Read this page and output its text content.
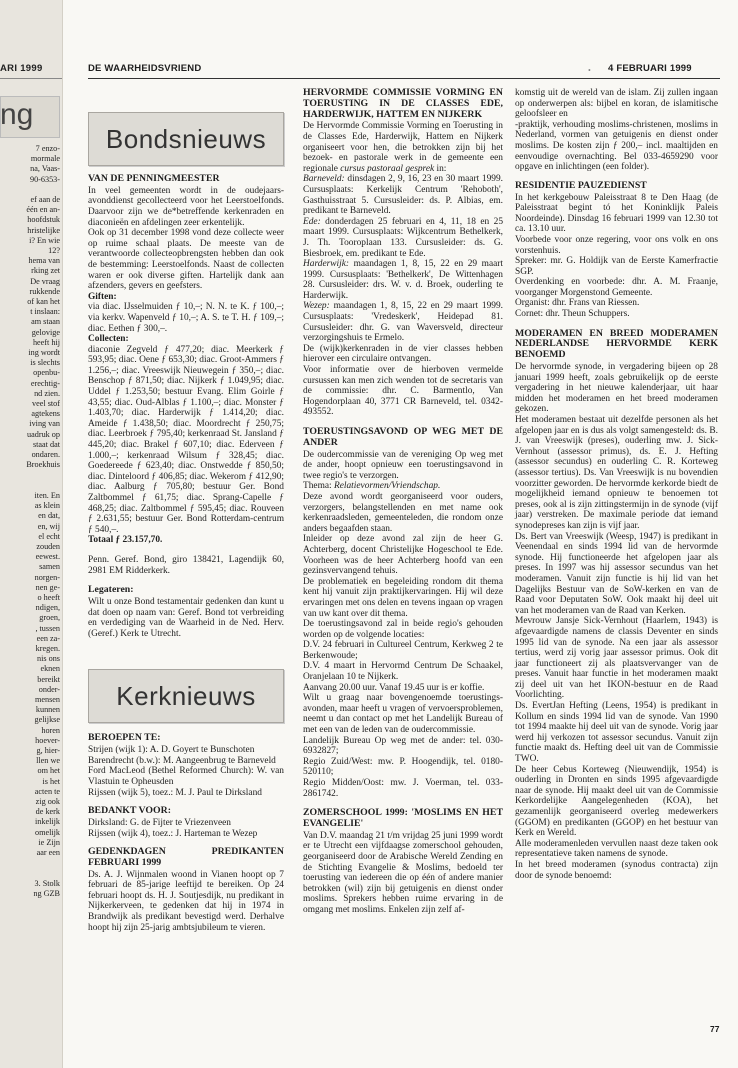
ARI 1999
ng
7 enzo-
mormale
na, Vaas-
90-6353-

ef aan de
één en an-
hoofdstuk
hristelijke
i? En wie
12?
hema van
rking zet
De vraag
rukkende
of kan het
t inslaan:
am staan
gelovige
heeft hij
ing wordt
is slechts
openbu-
erechtig-
nd zien.
veel stof
agtekens
iving van
uadruk op
staat dat
ondaren.
Broekhuis

iten. En
as klein
en dat,
en, wij
el echt
zouden
eewest.
samen
norgen-
nen ge-
o heeft
ndigen,
groen,
, tussen
een za-
kregen.
nis ons
eknen
bereikt
onder-
mensen
kunnen
gelijkse
horen
hoever-
g, hier-
llen we
om het
is het
acten te
zig ook
de kerk
inkelijk
omelijk
ie Zijn
aar een

3. Stolk
ng GZB
DE WAARHEIDSVRIEND	• 4 FEBRUARI 1999
Bondsnieuws
VAN DE PENNINGMEESTER

In veel gemeenten wordt in de oudejaarsavonddienst gecollecteerd voor het Leerstoelfonds. Daarvoor zijn we de*betreffende kerkenraden en diaconieën en afdelingen zeer erkentelijk.

Ook op 31 december 1998 vond deze collecte weer op ruime schaal plaats. De meeste van de verantwoorde collecteopbrengsten hebben dan ook de bestemming: Leerstoelfonds. Naast de collecten waren er ook diverse giften. Hartelijk dank aan afzenders, gevers en geefsters.

Giften:

via diac. IJsselmuiden ƒ 10,–; N. N. te K. ƒ 100,–; via kerkv. Wapenveld ƒ 10,–; A. S. te T. H. ƒ 109,–; diac. Eethen ƒ 300,–.

Collecten:

diaconie Zegveld ƒ 477,20; diac. Meerkerk ƒ 593,95; diac. Oene ƒ 653,30; diac. Groot-Ammers ƒ 1.256,–; diac. Vreeswijk Nieuwegein ƒ 350,–; diac. Benschop ƒ 871,50; diac. Nijkerk ƒ 1.049,95; diac. Uddel ƒ 1.253,50; bestuur Evang. Elim Goirle ƒ 43,55; diac. Oud-Alblas ƒ 1.100,–; diac. Monster ƒ 1.403,70; diac. Harderwijk ƒ 1.414,20; diac. Ameide ƒ 1.438,50; diac. Moordrecht ƒ 250,75; diac. Leerbroek ƒ 795,40; kerkenraad St. Jansland ƒ 445,20; diac. Brakel ƒ 607,10; diac. Ederveen ƒ 1.000,–; kerkenraad Wilsum ƒ 328,45; diac. Goedereede ƒ 623,40; diac. Onstwedde ƒ 850,50; diac. Dinteloord ƒ 406,85; diac. Wekerom ƒ 412,90; diac. Aalburg ƒ 705,80; bestuur Ger. Bond Zaltbommel ƒ 61,75; diac. Sprang-Capelle ƒ 468,25; diac. Zaltbommel ƒ 595,45; diac. Rouveen ƒ 2.631,55; bestuur Ger. Bond Rotterdam-centrum ƒ 540,–.

Totaal ƒ 23.157,70.

Penn. Geref. Bond, giro 138421, Lagendijk 60, 2981 EM Ridderkerk.

Legateren:

Wilt u onze Bond testamentair gedenken dan kunt u dat doen op naam van: Geref. Bond tot verbreiding en verdediging van de Waarheid in de Ned. Herv. (Geref.) Kerk te Utrecht.

Kerknieuws
BEROEPEN TE:

Strijen (wijk 1): A. D. Goyert te Bunschoten

Barendrecht (b.w.): M. Aangeenbrug te Barneveld

Ford MacLeod (Bethel Reformed Church): W. van Vlastuin te Opheusden

Rijssen (wijk 5), toez.: M. J. Paul te Dirksland

BEDANKT VOOR:

Dirksland: G. de Fijter te Vriezenveen

Rijssen (wijk 4), toez.: J. Harteman te Wezep

GEDENKDAGEN PREDIKANTEN FEBRUARI 1999

Ds. A. J. Wijnmalen woond in Vianen hoopt op 7 februari de 85-jarige leeftijd te bereiken. Op 24 februari hoopt ds. H. J. Soutjesdijk, nu predikant in Nijkerkerveen, te gedenken dat hij in 1974 in Brandwijk als predikant bevestigd werd. Derhalve hoopt hij zijn 25-jarig ambtsjubileum te vieren.

HERVORMDE COMMISSIE VORMING EN TOERUSTING IN DE CLASSES EDE, HARDERWIJK, HATTEM EN NIJKERK

De Hervormde Commissie Vorming en Toerusting in de Classes Ede, Harderwijk, Hattem en Nijkerk organiseert voor hen, die betrokken zijn bij het bezoek- en pastorale werk in de gemeente een regionale cursus pastoraal gesprek in:

Barneveld: dinsdagen 2, 9, 16, 23 en 30 maart 1999. Cursusplaats: Kerkelijk Centrum 'Rehoboth', Gasthuisstraat 5. Cursusleider: ds. P. Albias, em. predikant te Barneveld.

Ede: donderdagen 25 februari en 4, 11, 18 en 25 maart 1999. Cursusplaats: Wijkcentrum Bethelkerk, J. Th. Tooroplaan 133. Cursusleider: ds. G. Biesbroek, em. predikant te Ede.

Harderwijk: maandagen 1, 8, 15, 22 en 29 maart 1999. Cursusplaats: 'Bethelkerk', De Wittenhagen 28. Cursusleider: drs. W. v. d. Broek, ouderling te Harderwijk.

Wezep: maandagen 1, 8, 15, 22 en 29 maart 1999. Cursusplaats: 'Vredeskerk', Heidepad 81. Cursusleider: dhr. G. van Waversveld, directeur verzorgingshuis te Ermelo.

De (wijk)kerkenraden in de vier classes hebben hierover een circulaire ontvangen.

Voor informatie over de hierboven vermelde cursussen kan men zich wenden tot de secretaris van de commissie: dhr. C. Barmentlo, Van Hogendorplaan 40, 3771 CR Barneveld, tel. 0342-493552.

TOERUSTINGSAVOND OP WEG MET DE ANDER

De oudercommissie van de vereniging Op weg met de ander, hoopt opnieuw een toerustingsavond in twee regio's te verzorgen.

Thema: Relatievormen/Vriendschap.

Deze avond wordt georganiseerd voor ouders, verzorgers, belangstellenden en met name ook kerkenraadsleden, gemeenteleden, die rondom onze anders begaafden staan.

Inleider op deze avond zal zijn de heer G. Achterberg, docent Christelijke Hogeschool te Ede. Voorheen was de heer Achterberg hoofd van een gezinsvervangend tehuis.

De problematiek en begeleiding rondom dit thema kent hij vanuit zijn praktijkervaringen. Hij wil deze ervaringen met ons delen en tevens ingaan op vragen van uw kant over dit thema.

De toerustingsavond zal in beide regio's gehouden worden op de volgende locaties:

D.V. 24 februari in Cultureel Centrum, Kerkweg 2 te Berkenwoude;

D.V. 4 maart in Hervormd Centrum De Schaakel, Oranjelaan 10 te Nijkerk.

Aanvang 20.00 uur. Vanaf 19.45 uur is er koffie.

Wilt u graag naar bovengenoemde toerustingsavonden, maar heeft u vragen of vervoersproblemen, neemt u dan contact op met het Landelijk Bureau of met een van de leden van de oudercommissie.

Landelijk Bureau Op weg met de ander: tel. 030-6932827;

Regio Zuid/West: mw. P. Hoogendijk, tel. 0180-520110;

Regio Midden/Oost: mw. J. Voerman, tel. 033-2861742.

ZOMERSCHOOL 1999: 'MOSLIMS EN HET EVANGELIE'

Van D.V. maandag 21 t/m vrijdag 25 juni 1999 wordt er te Utrecht een vijfdaagse zomerschool gehouden, georganiseerd door de Arabische Wereld Zending en de Stichting Evangelie & Moslims, bedoeld ter toerusting van iedereen die op één of andere manier betrokken (wil) zijn bij getuigenis en dienst onder moslims. Sprekers hebben ruime ervaring in de omgang met moslims. Enkelen zijn zelf af-

komstig uit de wereld van de islam. Zij zullen ingaan op onderwerpen als: bijbel en koran, de islamitische geloofsleer en

-praktijk, verhouding moslims-christenen, moslims in Nederland, vormen van getuigenis en dienst onder moslims. De kosten zijn ƒ 200,– incl. maaltijden en eenvoudige overnachting. Bel 033-4659290 voor opgave en inlichtingen (een folder).

RESIDENTIE PAUZEDIENST

In het kerkgebouw Paleisstraat 8 te Den Haag (de Paleisstraat begint tó het Koninklijk Paleis Noordeinde). Dinsdag 16 februari 1999 van 12.30 tot ca. 13.10 uur.

Voorbede voor onze regering, voor ons volk en ons vorstenhuis.

Spreker: mr. G. Holdijk van de Eerste Kamerfractie SGP.

Overdenking en voorbede: dhr. A. M. Fraanje, voorganger Morgenstond Gemeente.

Organist: dhr. Frans van Riessen.

Cornet: dhr. Theun Schuppers.

MODERAMEN EN BREED MODERAMEN NEDERLANDSE HERVORMDE KERK BENOEMD

De hervormde synode, in vergadering bijeen op 28 januari 1999 heeft, zoals gebruikelijk op de eerste vergadering in het nieuwe kalenderjaar, uit haar midden het moderamen en het breed moderamen gekozen.

Het moderamen bestaat uit dezelfde personen als het afgelopen jaar en is dus als volgt samengesteld: ds. B. J. van Vreeswijk (preses), ouderling mw. J. Sick-Vernhout (assessor primus), ds. E. J. Hefting (assessor secundus) en ouderling C. R. Korteweg (assessor tertius). Ds. Van Vreeswijk is nu bovendien voorzitter geworden. De hervormde kerkorde biedt de mogelijkheid iemand opnieuw te benoemen tot preses, ook al is zijn zittingstermijn in de synode (vijf jaar) verstreken. De maximale periode dat iemand synodepreses kan zijn is vijf jaar.

Ds. Bert van Vreeswijk (Weesp, 1947) is predikant in Veenendaal en sinds 1994 lid van de hervormde synode. Hij functioneerde het afgelopen jaar als preses. In 1997 was hij assessor secundus van het moderamen. Vanuit zijn functie is hij lid van het Dagelijks Bestuur van de SoW-kerken en van de Raad voor Deputaten SoW. Ook maakt hij deel uit van het moderamen van de Raad van Kerken.

Mevrouw Jansje Sick-Vernhout (Haarlem, 1943) is afgevaardigde namens de classis Deventer en sinds 1995 lid van de synode. Na een jaar als assessor tertius, werd zij vorig jaar assessor primus. Ook dit jaar functioneert zij als plaatsvervanger van de preses. Vanuit haar functie in het moderamen maakt zij deel uit van het IKON-bestuur en de Raad Voorlichting.

Ds. EvertJan Hefting (Leens, 1954) is predikant in Kollum en sinds 1994 lid van de synode. Van 1990 tot 1994 maakte hij deel uit van de synode. Vorig jaar werd hij verkozen tot assessor secundus. Vanuit zijn functie maakt ds. Hefting deel uit van de Commissie TWO.

De heer Cebus Korteweg (Nieuwendijk, 1954) is ouderling in Dronten en sinds 1995 afgevaardigde naar de synode. Hij maakt deel uit van de Commissie Kerkordelijke Aangelegenheden (KOA), het gezamenlijk georganiseerd overleg medewerkers (GGOM) en predikanten (GGOP) en het bestuur van Kerk en Wereld.

Alle moderamenleden vervullen naast deze taken ook representatieve taken namens de synode.

In het breed moderamen (synodus contracta) zijn door de synode benoemd:

77
